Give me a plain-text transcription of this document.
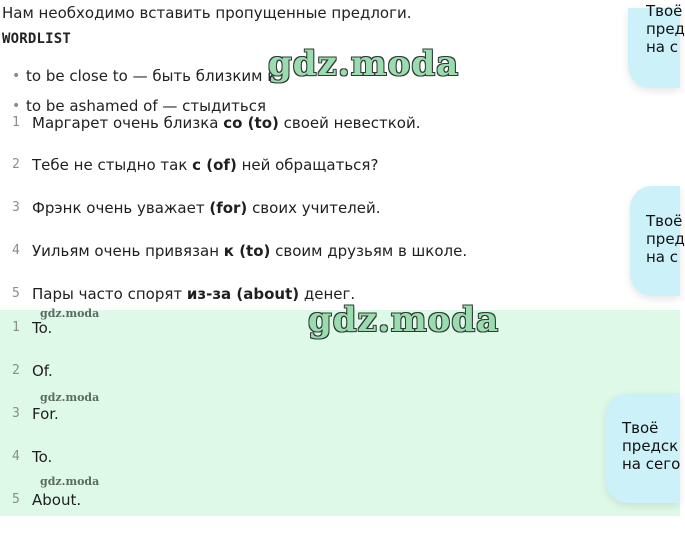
Нам необходимо вставить пропущенные предлоги.
WORDLIST
• to be close to — быть близким к
• to be ashamed of — стыдиться
gdz.moda
1 Маргарет очень близка со (to) своей невесткой.
2 Тебе не стыдно так с (of) ней обращаться?
3 Фрэнк очень уважает (for) своих учителей.
4 Уильям очень привязан к (to) своим друзьям в школе.
5 Пары часто спорят из-за (about) денег.
gdz.moda
gdz.moda
gdz.moda
gdz.moda
1 To.
2 Of.
3 For.
4 To.
5 About.
Твоё
пред
на с
Твоё
пред
на с
Твоё
предск
на сего
